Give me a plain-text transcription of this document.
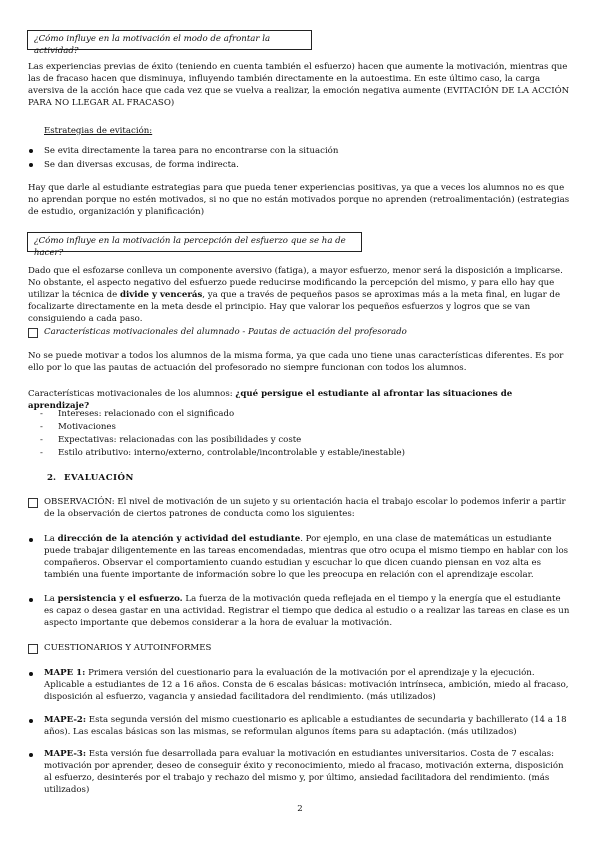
¿Cómo influye en la motivación el modo de afrontar la actividad?
Las experiencias previas de éxito (teniendo en cuenta también el esfuerzo) hacen que aumente la motivación, mientras que las de fracaso hacen que disminuya, influyendo también directamente en la autoestima. En este último caso, la carga aversiva de la acción hace que cada vez que se vuelva a realizar, la emoción negativa aumente (EVITACIÓN DE LA ACCIÓN PARA NO LLEGAR AL FRACASO)
Estrategias de evitación:
Se evita directamente la tarea para no encontrarse con la situación
Se dan diversas excusas, de forma indirecta.
Hay que darle al estudiante estrategias para que pueda tener experiencias positivas, ya que a veces los alumnos no es que no aprendan porque no estén motivados, si no que no están motivados porque no aprenden (retroalimentación) (estrategias de estudio, organización y planificación)
¿Cómo influye en la motivación la percepción del esfuerzo que se ha de hacer?
Dado que el esfozarse conlleva un componente aversivo (fatiga), a mayor esfuerzo, menor será la disposición a implicarse. No obstante, el aspecto negativo del esfuerzo puede reducirse modificando la percepción del mismo, y para ello hay que utilizar la técnica de divide y vencerás, ya que a través de pequeños pasos se aproximas más a la meta final, en lugar de focalizarte directamente en la meta desde el principio. Hay que valorar los pequeños esfuerzos y logros que se van consiguiendo a cada paso.
Características motivacionales del alumnado - Pautas de actuación del profesorado
No se puede motivar a todos los alumnos de la misma forma, ya que cada uno tiene unas características diferentes. Es por ello por lo que las pautas de actuación del profesorado no siempre funcionan con todos los alumnos.
Características motivacionales de los alumnos: ¿qué persigue el estudiante al afrontar las situaciones de aprendizaje?
- Intereses: relacionado con el significado
- Motivaciones
- Expectativas: relacionadas con las posibilidades y coste
- Estilo atributivo: interno/externo, controlable/incontrolable y estable/inestable)
2. EVALUACIÓN
OBSERVACIÓN: El nivel de motivación de un sujeto y su orientación hacia el trabajo escolar lo podemos inferir a partir de la observación de ciertos patrones de conducta como los siguientes:
La dirección de la atención y actividad del estudiante. Por ejemplo, en una clase de matemáticas un estudiante puede trabajar diligentemente en las tareas encomendadas, mientras que otro ocupa el mismo tiempo en hablar con los compañeros. Observar el comportamiento cuando estudian y escuchar lo que dicen cuando piensan en voz alta es también una fuente importante de información sobre lo que les preocupa en relación con el aprendizaje escolar.
La persistencia y el esfuerzo. La fuerza de la motivación queda reflejada en el tiempo y la energía que el estudiante es capaz o desea gastar en una actividad. Registrar el tiempo que dedica al estudio o a realizar las tareas en clase es un aspecto importante que debemos considerar a la hora de evaluar la motivación.
CUESTIONARIOS Y AUTOINFORMES
MAPE 1: Primera versión del cuestionario para la evaluación de la motivación por el aprendizaje y la ejecución. Aplicable a estudiantes de 12 a 16 años. Consta de 6 escalas básicas: motivación intrínseca, ambición, miedo al fracaso, disposición al esfuerzo, vagancia y ansiedad facilitadora del rendimiento. (más utilizados)
MAPE-2: Esta segunda versión del mismo cuestionario es aplicable a estudiantes de secundaria y bachillerato (14 a 18 años). Las escalas básicas son las mismas, se reformulan algunos ítems para su adaptación. (más utilizados)
MAPE-3: Esta versión fue desarrollada para evaluar la motivación en estudiantes universitarios. Costa de 7 escalas: motivación por aprender, deseo de conseguir éxito y reconocimiento, miedo al fracaso, motivación externa, disposición al esfuerzo, desinterés por el trabajo y rechazo del mismo y, por último, ansiedad facilitadora del rendimiento. (más utilizados)
2
